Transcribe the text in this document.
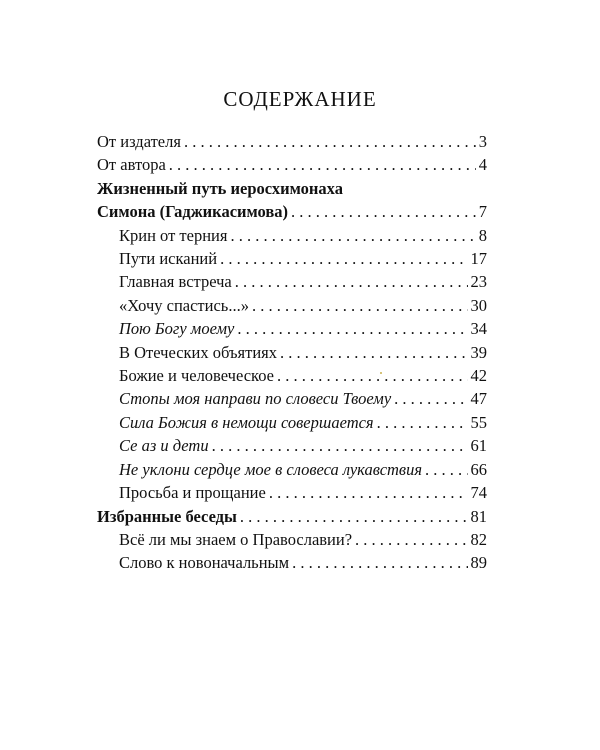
СОДЕРЖАНИЕ
От издателя . . .	3
От автора . . .	4
Жизненный путь иеросхимонаха
Симона (Гаджикасимова) . . .	7
Крин от терния . . .	8
Пути исканий . . .	17
Главная встреча . . .	23
«Хочу спастись...» . . .	30
Пою Богу моему . . .	34
В Отеческих объятиях . . .	39
Божие и человеческое . . .	42
Стопы моя направи по словеси Твоему . . .	47
Сила Божия в немощи совершается . . .	55
Се аз и дети . . .	61
Не уклони сердце мое в словеса лукавствия . . .	66
Просьба и прощание . . .	74
Избранные беседы . . .	81
Всё ли мы знаем о Православии? . . .	82
Слово к новоначальным . . .	89
